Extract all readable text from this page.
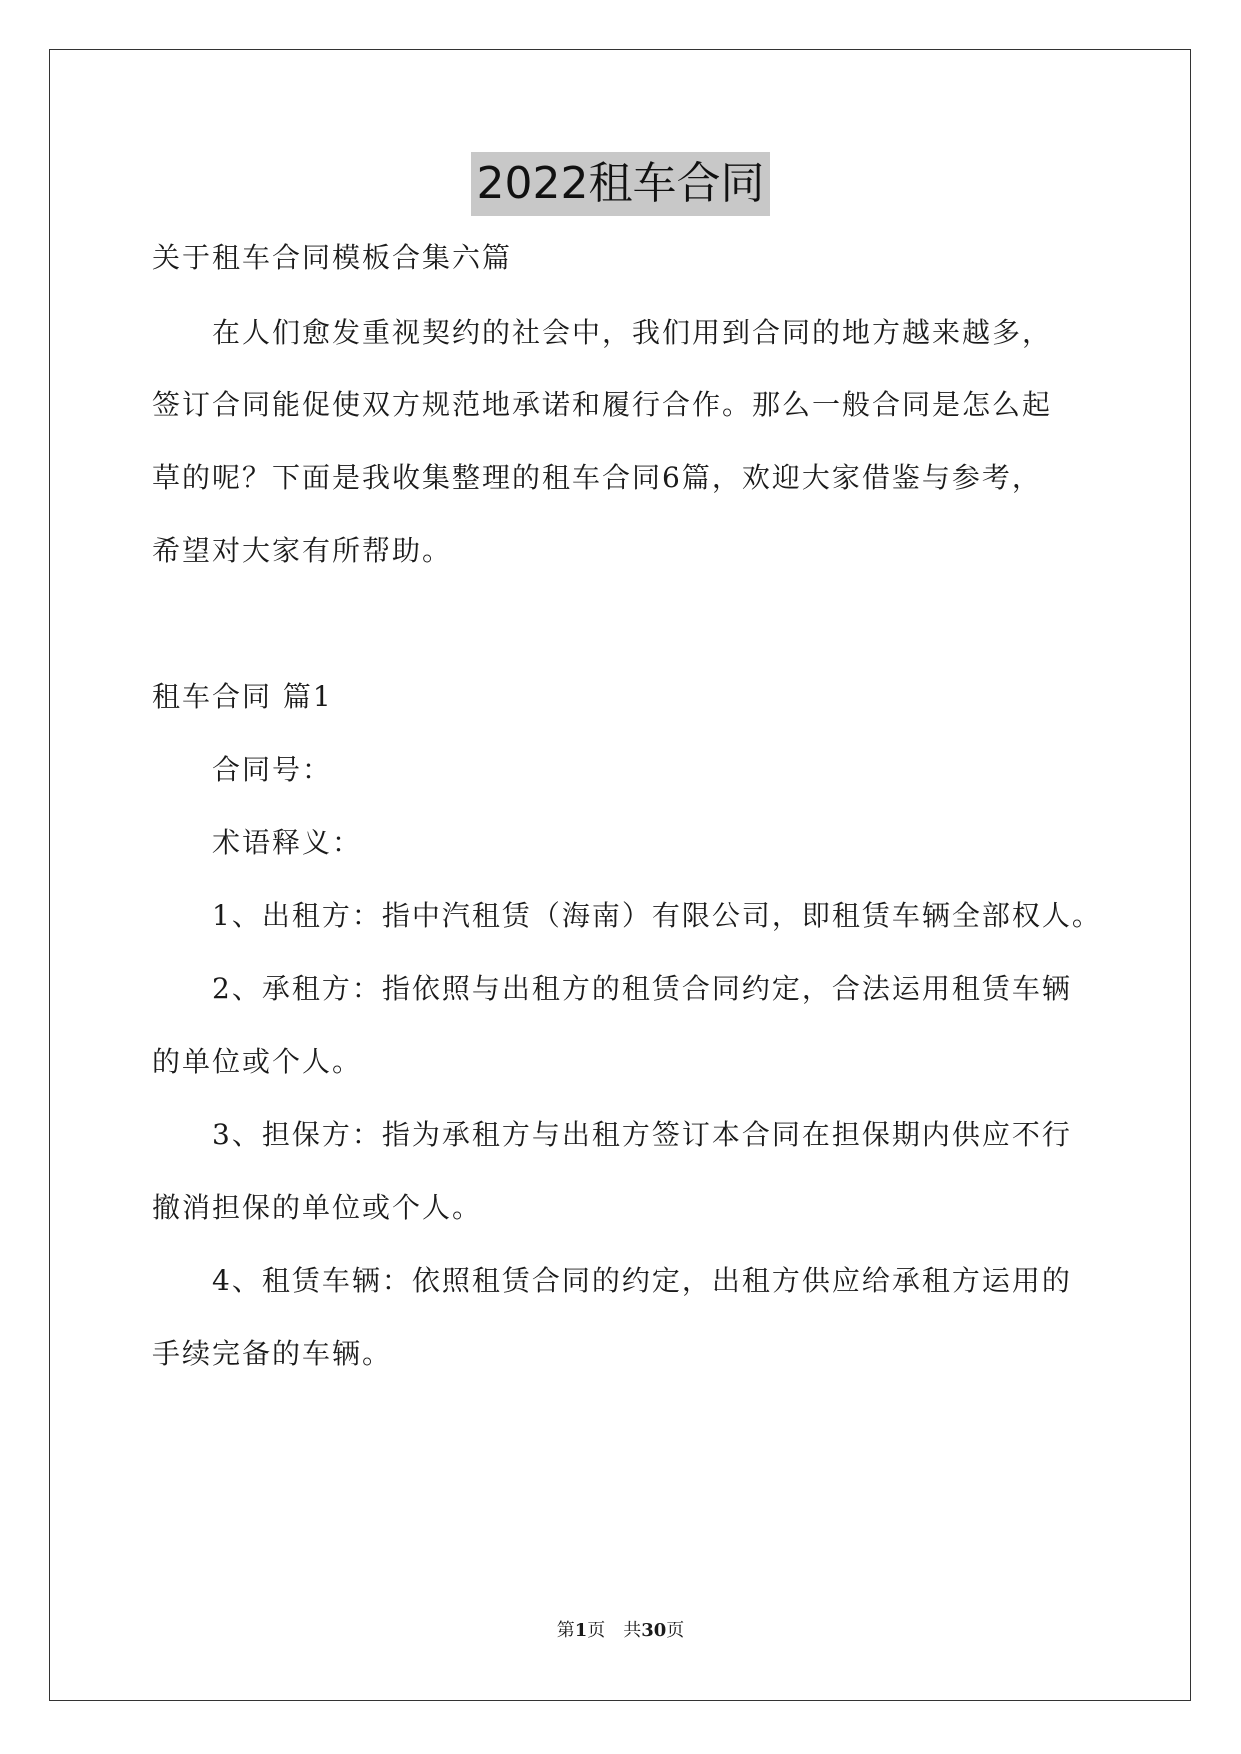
2022租车合同
关于租车合同模板合集六篇
在人们愈发重视契约的社会中，我们用到合同的地方越来越多，
签订合同能促使双方规范地承诺和履行合作。那么一般合同是怎么起
草的呢？下面是我收集整理的租车合同6篇，欢迎大家借鉴与参考，
希望对大家有所帮助。
租车合同 篇1
合同号：
术语释义：
1、出租方：指中汽租赁（海南）有限公司，即租赁车辆全部权人。
2、承租方：指依照与出租方的租赁合同约定，合法运用租赁车辆
的单位或个人。
3、担保方：指为承租方与出租方签订本合同在担保期内供应不行
撤消担保的单位或个人。
4、租赁车辆：依照租赁合同的约定，出租方供应给承租方运用的
手续完备的车辆。
第1页 共30页
